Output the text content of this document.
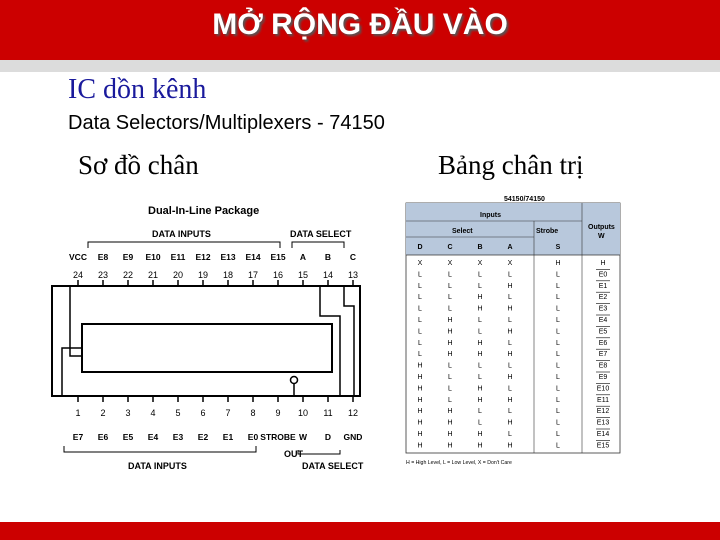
MỞ RỘNG ĐẦU VÀO
IC dồn kênh
Data Selectors/Multiplexers - 74150
Sơ đồ chân	Bảng chân trị
Dual-In-Line Package
DATA INPUTS	DATA SELECT
VCC E8 E9 E10 E11 E12 E13 E14 E15 A B C
24 23 22 21 20 19 18 17 16 15 14 13
1 2 3 4 5 6 7 8 9 10 11 12
E7 E6 E5 E4 E3 E2 E1 E0 STROBE W D GND
DATA INPUTS
OUT
DATA SELECT
54150/74150
Inputs
Outputs
W
Select	Strobe
D	C	B	A	S
X	X	X	X	H	H
L	L	L	L	L	E0
L	L	L	H	L	E1
L	L	H	L	L	E2
L	L	H	H	L	E3
L	H	L	L	L	E4
L	H	L	H	L	E5
L	H	H	L	L	E6
L	H	H	H	L	E7
H	L	L	L	L	E8
H	L	L	H	L	E9
H	L	H	L	L	E10
H	L	H	H	L	E11
H	H	L	L	L	E12
H	H	L	H	L	E13
H	H	H	L	L	E14
H	H	H	H	L	E15
H = High Level, L = Low Level, X = Don't Care
